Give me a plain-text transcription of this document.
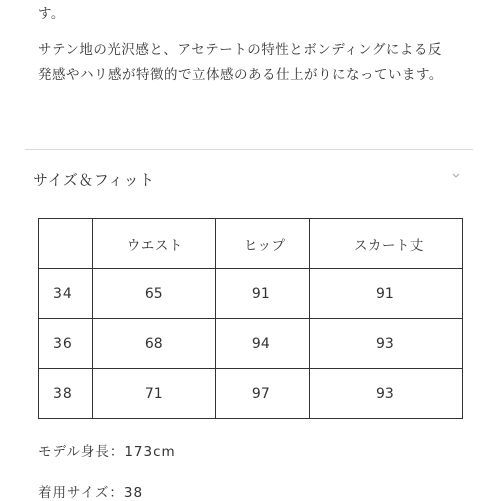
す。
サテン地の光沢感と、アセテートの特性とボンディングによる反
発感やハリ感が特徴的で立体感のある仕上がりになっています。
サイズ＆フィット
	ウエスト	ヒップ	スカート丈
34	65	91	91
36	68	94	93
38	71	97	93
モデル身長：173cm
着用サイズ：38
